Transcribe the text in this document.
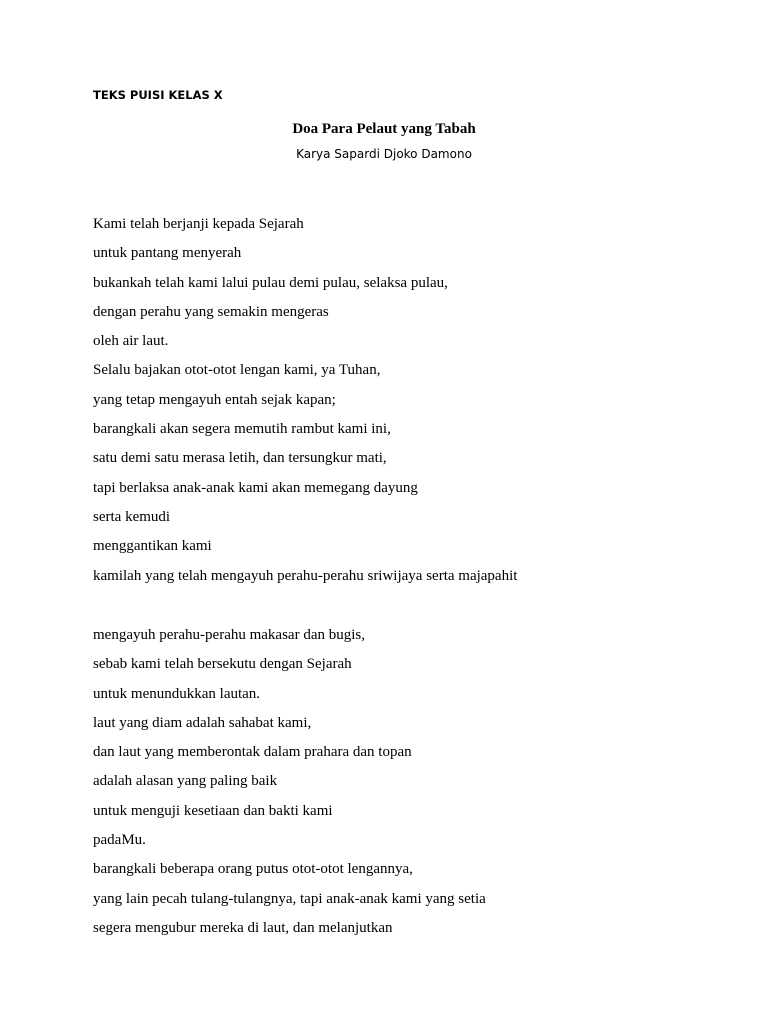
TEKS PUISI KELAS X
Doa Para Pelaut yang Tabah
Karya Sapardi Djoko Damono
Kami telah berjanji kepada Sejarah
untuk pantang menyerah
bukankah telah kami lalui pulau demi pulau, selaksa pulau,
dengan perahu yang semakin mengeras
oleh air laut.
Selalu bajakan otot-otot lengan kami, ya Tuhan,
yang tetap mengayuh entah sejak kapan;
barangkali akan segera memutih rambut kami ini,
satu demi satu merasa letih, dan tersungkur mati,
tapi berlaksa anak-anak kami akan memegang dayung
serta kemudi
menggantikan kami
kamilah yang telah mengayuh perahu-perahu sriwijaya serta majapahit
mengayuh perahu-perahu makasar dan bugis,
sebab kami telah bersekutu dengan Sejarah
untuk menundukkan lautan.
laut yang diam adalah sahabat kami,
dan laut yang memberontak dalam prahara dan topan
adalah alasan yang paling baik
untuk menguji kesetiaan dan bakti kami
padaMu.
barangkali beberapa orang putus otot-otot lengannya,
yang lain pecah tulang-tulangnya, tapi anak-anak kami yang setia
segera mengubur mereka di laut, dan melanjutkan
